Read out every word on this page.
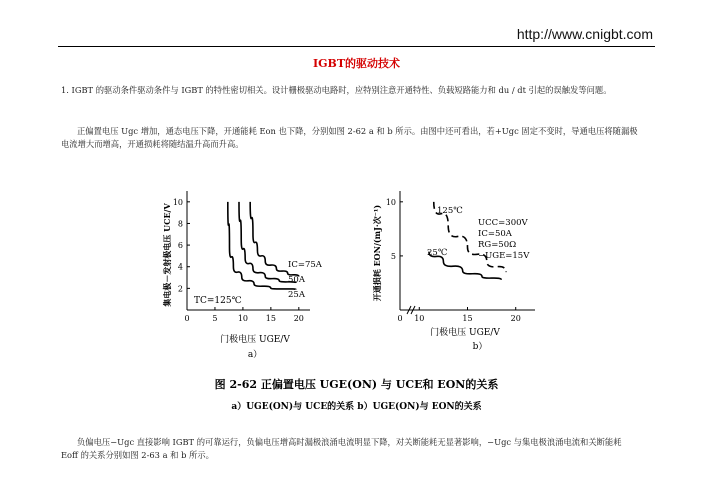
http://www.cnigbt.com
IGBT的驱动技术

1. IGBT 的驱动条件驱动条件与 IGBT 的特性密切相关。设计栅极驱动电路时，应特别注意开通特性、负载短路能力和 du / dt 引起的误触发等问题。

正偏置电压 Ugc 增加，通态电压下降，开通能耗 Eon 也下降，分别如图 2-62 a 和 b 所示。由图中还可看出，若+Ugc 固定不变时，导通电压将随漏极电流增大而增高，开通损耗将随结温升高而升高。

0	5	10 15 20
2
4
6
8
10
IC=75A
50A
25A
集电极－发射极电压 UCE/V
门极电压 UGE/V
TC=125℃
a）
0 10	15	20
5
10
125℃
25℃
UCC=300V
IC=50A
RG=50Ω
−UGE=15V
开通损耗 EON/(mJ·次⁻¹)
门极电压 UGE/V
b）
图 2-62 正偏置电压 UGE(ON) 与 UCE和 EON的关系
a）UGE(ON)与 UCE的关系 b）UGE(ON)与 EON的关系

负偏电压−Ugc 直接影响 IGBT 的可靠运行，负偏电压增高时漏极浪涌电流明显下降，对关断能耗无显著影响，−Ugc 与集电极浪涌电流和关断能耗 Eoff 的关系分别如图 2-63 a 和 b 所示。
